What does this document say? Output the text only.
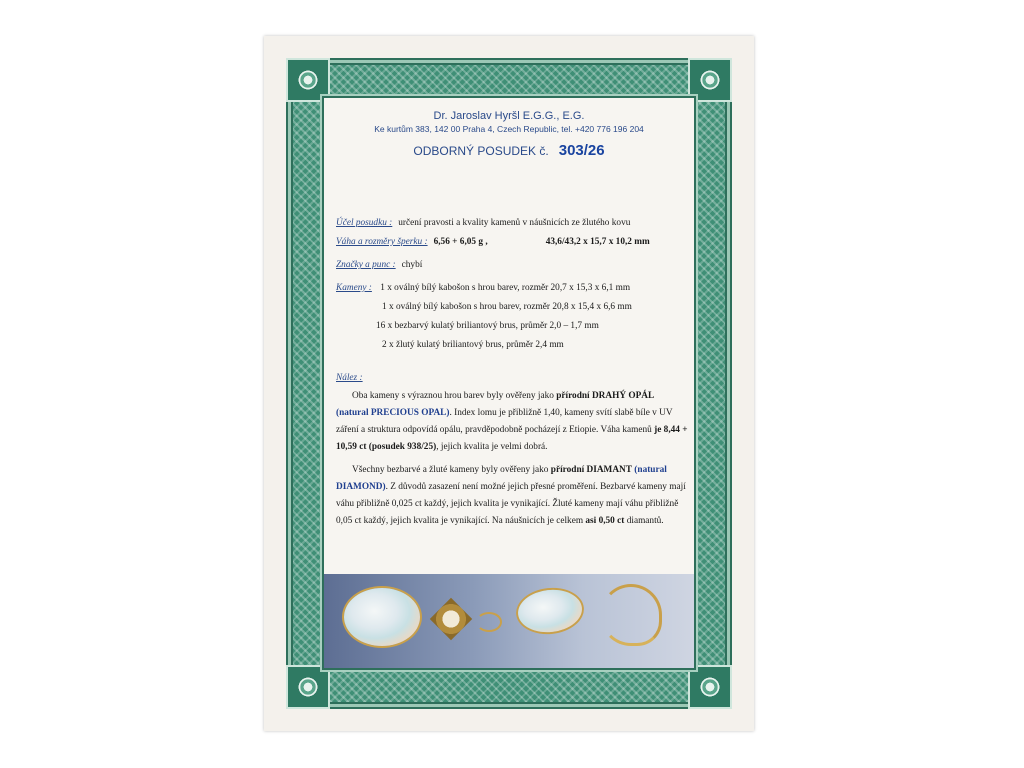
Dr. Jaroslav Hyršl E.G.G., E.G.
Ke kurtům 383, 142 00 Praha 4, Czech Republic, tel. +420 776 196 204
ODBORNÝ POSUDEK č. 303/26
Účel posudku : určení pravosti a kvality kamenů v náušnicích ze žlutého kovu
Váha a rozměry šperku : 6,56 + 6,05 g ,	43,6/43,2 x 15,7 x 10,2 mm
Značky a punc : chybí
Kameny : 1 x oválný bílý kabošon s hrou barev, rozměr 20,7 x 15,3 x 6,1 mm
1 x oválný bílý kabošon s hrou barev, rozměr 20,8 x 15,4 x 6,6 mm
16 x bezbarvý kulatý briliantový brus, průměr 2,0 – 1,7 mm
2 x žlutý kulatý briliantový brus, průměr 2,4 mm
Nález :

Oba kameny s výraznou hrou barev byly ověřeny jako přírodní DRAHÝ OPÁL (natural PRECIOUS OPAL). Index lomu je přibližně 1,40, kameny svítí slabě bíle v UV záření a struktura odpovídá opálu, pravděpodobně pocházejí z Etiopie. Váha kamenů je 8,44 + 10,59 ct (posudek 938/25), jejich kvalita je velmi dobrá.

Všechny bezbarvé a žluté kameny byly ověřeny jako přírodní DIAMANT (natural DIAMOND). Z důvodů zasazení není možné jejich přesné proměření. Bezbarvé kameny mají váhu přibližně 0,025 ct každý, jejich kvalita je vynikající. Žluté kameny mají váhu přibližně 0,05 ct každý, jejich kvalita je vynikající. Na náušnicích je celkem asi 0,50 ct diamantů.
